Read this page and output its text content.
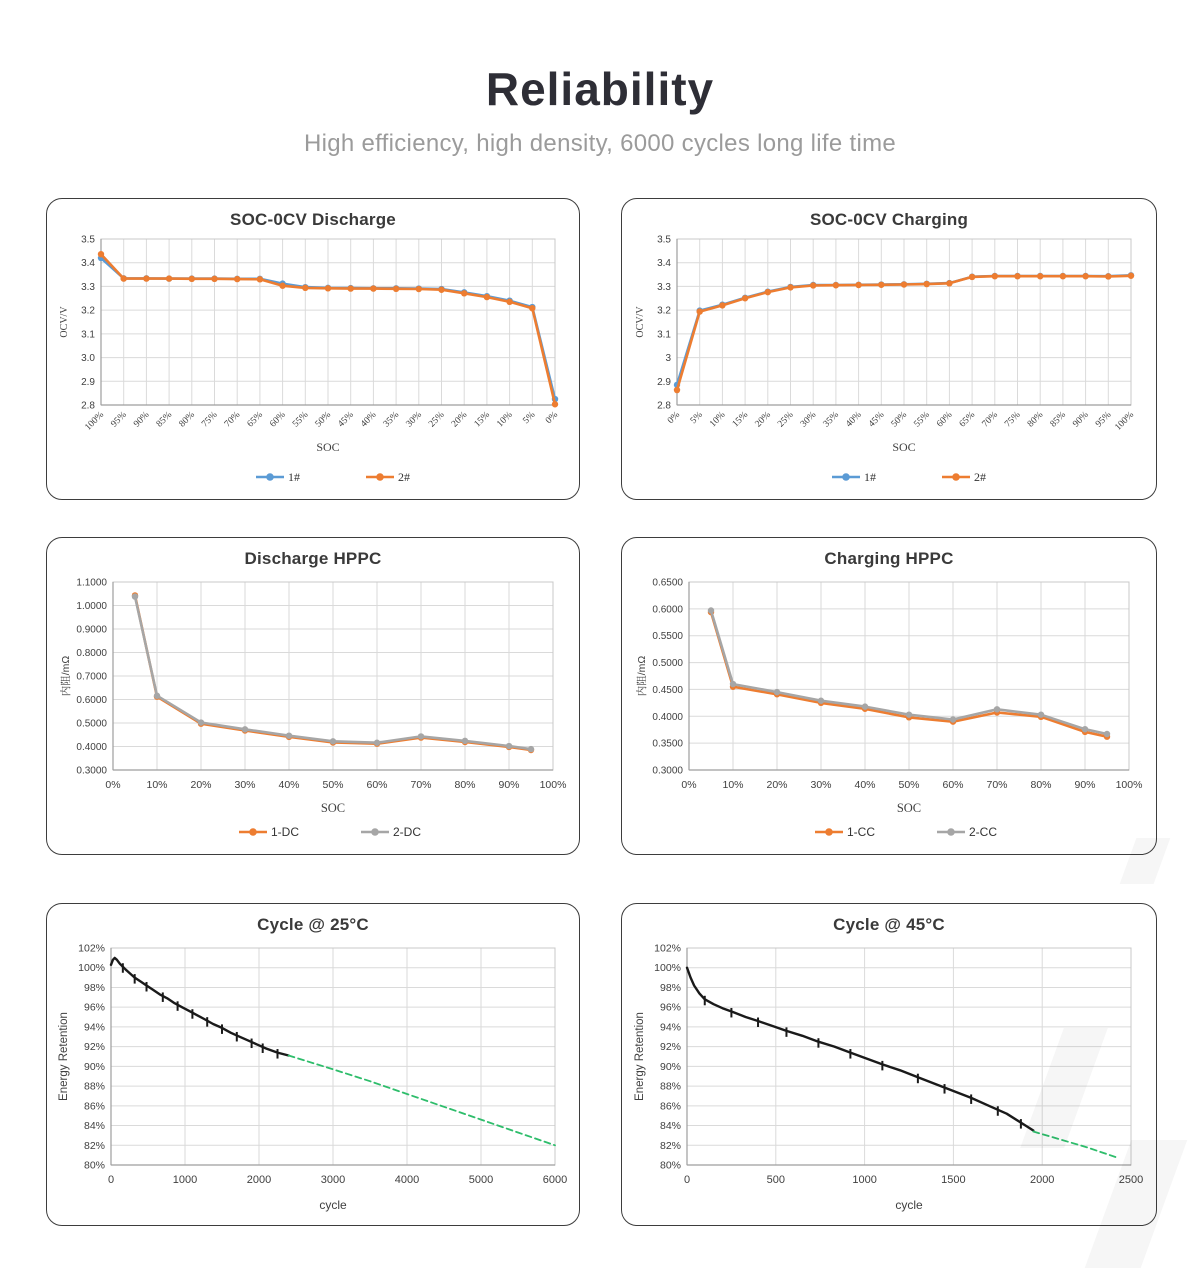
Reliability

High efficiency, high density, 6000 cycles long life time

SOC-0CV Discharge
2.8
2.9
3.0
3.1
3.2
3.3
3.4
3.5
100% 95% 90% 85% 80% 75% 70% 65% 60% 55% 50% 45% 40% 35% 30% 25% 20% 15% 10% 5% 0%
SOC
OCV/V
1#	2#
SOC-0CV Charging
2.8
2.9
3
3.1
3.2
3.3
3.4
3.5
0% 5% 10% 15% 20% 25% 30% 35% 40% 45% 50% 55% 60% 65% 70% 75% 80% 85% 90% 95% 100%
SOC
OCV/V
1#	2#
Discharge HPPC
0.3000
0.4000
0.5000
0.6000
0.7000
0.8000
0.9000
1.0000
1.1000
0% 10% 20% 30% 40% 50% 60% 70% 80% 90% 100%
SOC
内阻/mΩ
1-DC	2-DC
Charging HPPC
0.3000
0.3500
0.4000
0.4500
0.5000
0.5500
0.6000
0.6500
0% 10% 20% 30% 40% 50% 60% 70% 80% 90% 100%
SOC
内阻/mΩ
1-CC	2-CC
Cycle @ 25°C
80%
82%
84%
86%
88%
90%
92%
94%
96%
98%
100%
102%
0	1000	2000	3000	4000	5000	6000
cycle
Energy Retention
Cycle @ 45°C
80%
82%
84%
86%
88%
90%
92%
94%
96%
98%
100%
102%
0	500	1000	1500	2000	2500
cycle
Energy Retention
